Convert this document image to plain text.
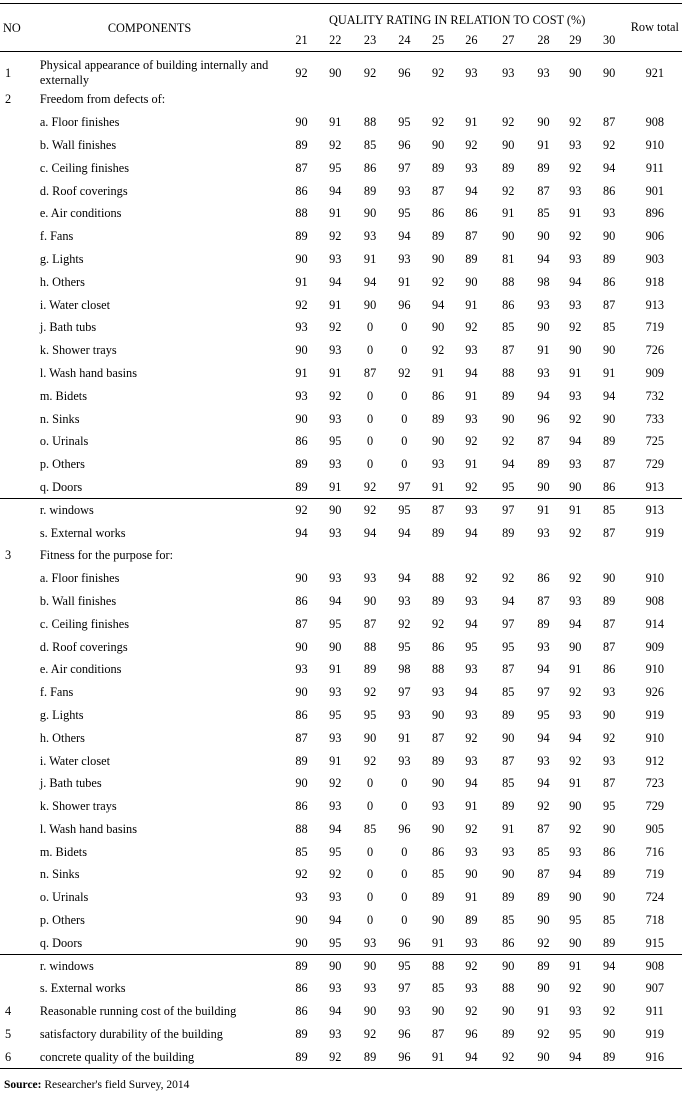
NO	COMPONENTS	QUALITY RATING IN RELATION TO COST (%)										Row total
		21	22	23	24	25	26	27	28	29	30	
1	Physical appearance of building internally and externally	92	90	92	96	92	93	93	93	90	90	921
2	Freedom from defects of:											
	a. Floor finishes	90	91	88	95	92	91	92	90	92	87	908
	b. Wall finishes	89	92	85	96	90	92	90	91	93	92	910
	c. Ceiling finishes	87	95	86	97	89	93	89	89	92	94	911
	d. Roof coverings	86	94	89	93	87	94	92	87	93	86	901
	e. Air conditions	88	91	90	95	86	86	91	85	91	93	896
	f. Fans	89	92	93	94	89	87	90	90	92	90	906
	g. Lights	90	93	91	93	90	89	81	94	93	89	903
	h. Others	91	94	94	91	92	90	88	98	94	86	918
	i. Water closet	92	91	90	96	94	91	86	93	93	87	913
	j. Bath tubs	93	92	0	0	90	92	85	90	92	85	719
	k. Shower trays	90	93	0	0	92	93	87	91	90	90	726
	l. Wash hand basins	91	91	87	92	91	94	88	93	91	91	909
	m. Bidets	93	92	0	0	86	91	89	94	93	94	732
	n. Sinks	90	93	0	0	89	93	90	96	92	90	733
	o. Urinals	86	95	0	0	90	92	92	87	94	89	725
	p. Others	89	93	0	0	93	91	94	89	93	87	729
	q. Doors	89	91	92	97	91	92	95	90	90	86	913
	r. windows	92	90	92	95	87	93	97	91	91	85	913
	s. External works	94	93	94	94	89	94	89	93	92	87	919
3	Fitness for the purpose for:											
	a. Floor finishes	90	93	93	94	88	92	92	86	92	90	910
	b. Wall finishes	86	94	90	93	89	93	94	87	93	89	908
	c. Ceiling finishes	87	95	87	92	92	94	97	89	94	87	914
	d. Roof coverings	90	90	88	95	86	95	95	93	90	87	909
	e. Air conditions	93	91	89	98	88	93	87	94	91	86	910
	f. Fans	90	93	92	97	93	94	85	97	92	93	926
	g. Lights	86	95	95	93	90	93	89	95	93	90	919
	h. Others	87	93	90	91	87	92	90	94	94	92	910
	i. Water closet	89	91	92	93	89	93	87	93	92	93	912
	j. Bath tubes	90	92	0	0	90	94	85	94	91	87	723
	k. Shower trays	86	93	0	0	93	91	89	92	90	95	729
	l. Wash hand basins	88	94	85	96	90	92	91	87	92	90	905
	m. Bidets	85	95	0	0	86	93	93	85	93	86	716
	n. Sinks	92	92	0	0	85	90	90	87	94	89	719
	o. Urinals	93	93	0	0	89	91	89	89	90	90	724
	p. Others	90	94	0	0	90	89	85	90	95	85	718
	q. Doors	90	95	93	96	91	93	86	92	90	89	915
	r. windows	89	90	90	95	88	92	90	89	91	94	908
	s. External works	86	93	93	97	85	93	88	90	92	90	907
4	Reasonable running cost of the building	86	94	90	93	90	92	90	91	93	92	911
5	satisfactory durability of the building	89	93	92	96	87	96	89	92	95	90	919
6	concrete quality of the building	89	92	89	96	91	94	92	90	94	89	916
Source: Researcher's field Survey, 2014
